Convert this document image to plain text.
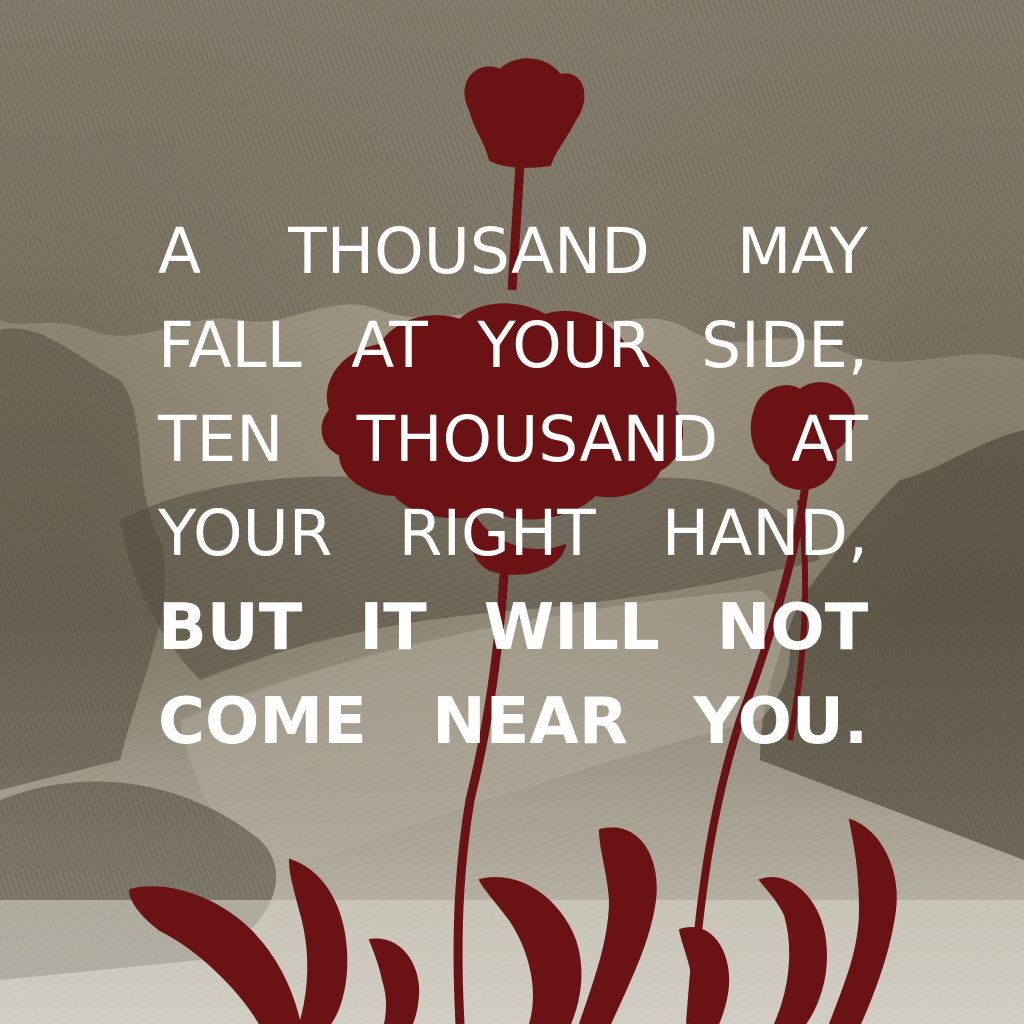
A THOUSAND MAY
FALL AT YOUR SIDE,
TEN THOUSAND AT
YOUR RIGHT HAND,
BUT IT WILL NOT
COME NEAR YOU.
